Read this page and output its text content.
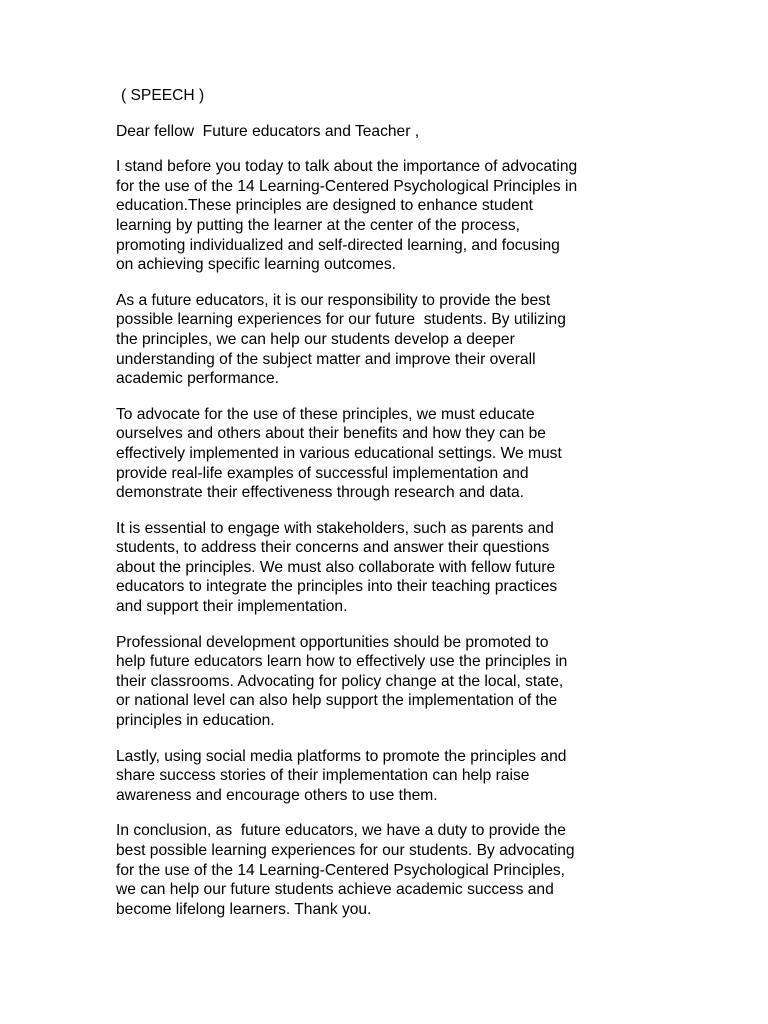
( SPEECH )
Dear fellow  Future educators and Teacher ,
I stand before you today to talk about the importance of advocating
for the use of the 14 Learning-Centered Psychological Principles in
education.These principles are designed to enhance student
learning by putting the learner at the center of the process,
promoting individualized and self-directed learning, and focusing
on achieving specific learning outcomes.
As a future educators, it is our responsibility to provide the best
possible learning experiences for our future  students. By utilizing
the principles, we can help our students develop a deeper
understanding of the subject matter and improve their overall
academic performance.
To advocate for the use of these principles, we must educate
ourselves and others about their benefits and how they can be
effectively implemented in various educational settings. We must
provide real-life examples of successful implementation and
demonstrate their effectiveness through research and data.
It is essential to engage with stakeholders, such as parents and
students, to address their concerns and answer their questions
about the principles. We must also collaborate with fellow future
educators to integrate the principles into their teaching practices
and support their implementation.
Professional development opportunities should be promoted to
help future educators learn how to effectively use the principles in
their classrooms. Advocating for policy change at the local, state,
or national level can also help support the implementation of the
principles in education.
Lastly, using social media platforms to promote the principles and
share success stories of their implementation can help raise
awareness and encourage others to use them.
In conclusion, as  future educators, we have a duty to provide the
best possible learning experiences for our students. By advocating
for the use of the 14 Learning-Centered Psychological Principles,
we can help our future students achieve academic success and
become lifelong learners. Thank you.
